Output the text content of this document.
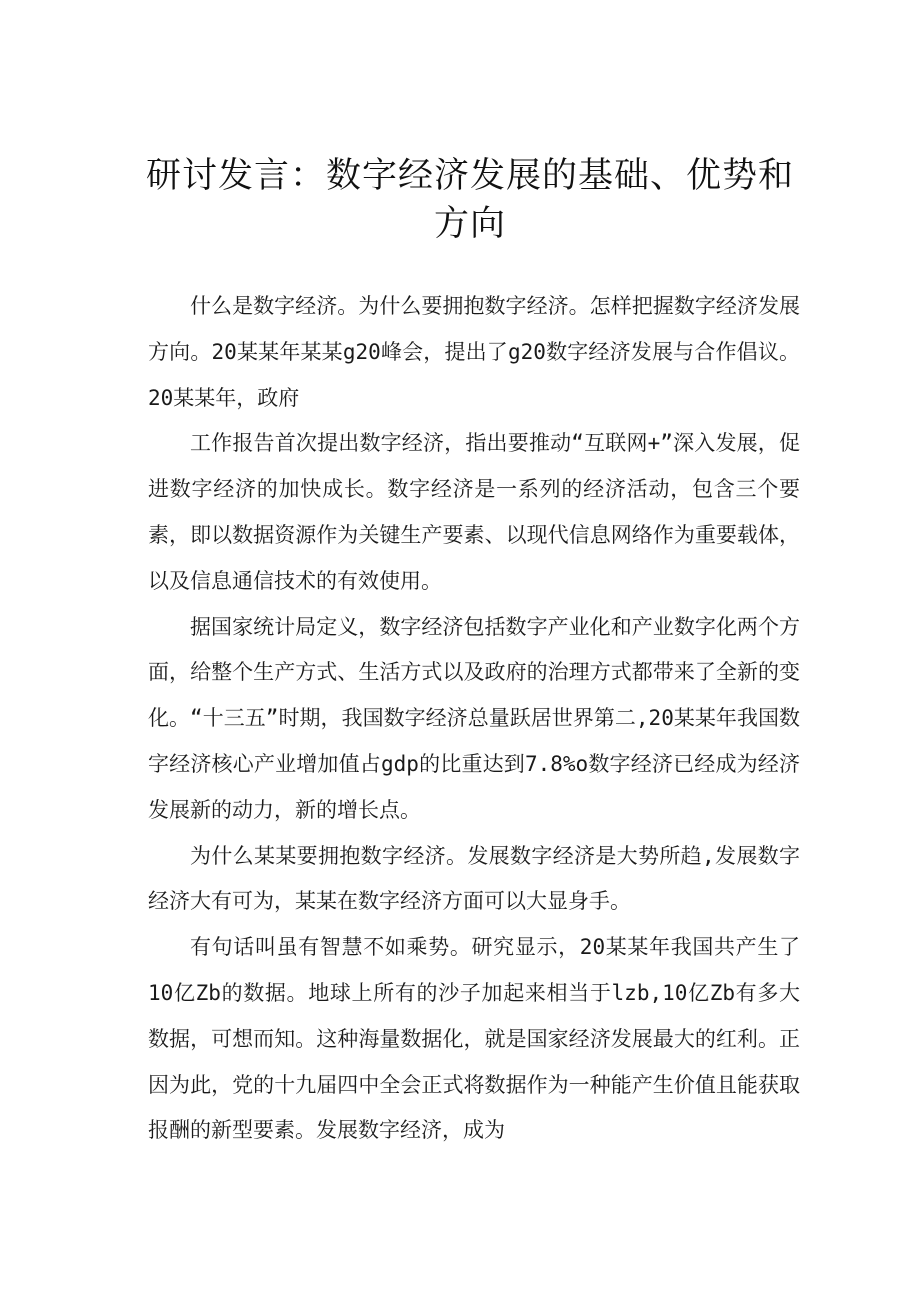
研讨发言：数字经济发展的基础、优势和方向

什么是数字经济。为什么要拥抱数字经济。怎样把握数字经济发展方向。20某某年某某g20峰会，提出了g20数字经济发展与合作倡议。20某某年，政府

工作报告首次提出数字经济，指出要推动“互联网+”深入发展，促进数字经济的加快成长。数字经济是一系列的经济活动，包含三个要素，即以数据资源作为关键生产要素、以现代信息网络作为重要载体，以及信息通信技术的有效使用。

据国家统计局定义，数字经济包括数字产业化和产业数字化两个方面，给整个生产方式、生活方式以及政府的治理方式都带来了全新的变化。“十三五”时期，我国数字经济总量跃居世界第二,20某某年我国数字经济核心产业增加值占gdp的比重达到7.8%o数字经济已经成为经济发展新的动力，新的增长点。

为什么某某要拥抱数字经济。发展数字经济是大势所趋,发展数字经济大有可为，某某在数字经济方面可以大显身手。

有句话叫虽有智慧不如乘势。研究显示，20某某年我国共产生了10亿Zb的数据。地球上所有的沙子加起来相当于lzb,10亿Zb有多大数据，可想而知。这种海量数据化，就是国家经济发展最大的红利。正因为此，党的十九届四中全会正式将数据作为一种能产生价值且能获取报酬的新型要素。发展数字经济，成为
